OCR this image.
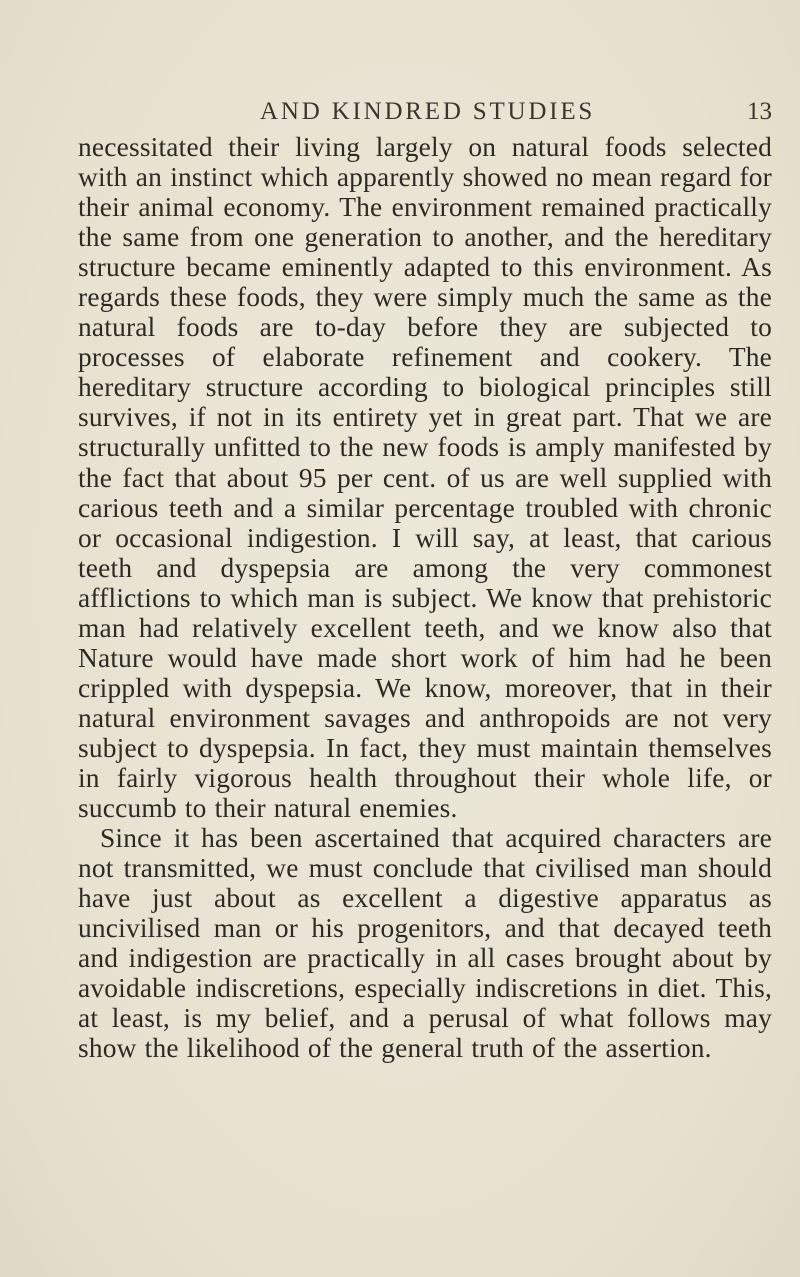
AND KINDRED STUDIES	13

necessitated their living largely on natural foods selected with an instinct which apparently showed no mean regard for their animal economy. The environment remained practically the same from one generation to another, and the hereditary structure became eminently adapted to this environment. As regards these foods, they were simply much the same as the natural foods are to-day before they are subjected to processes of elaborate refinement and cookery. The hereditary structure according to biological principles still survives, if not in its entirety yet in great part. That we are structurally unfitted to the new foods is amply manifested by the fact that about 95 per cent. of us are well supplied with carious teeth and a similar percentage troubled with chronic or occasional indigestion. I will say, at least, that carious teeth and dyspepsia are among the very commonest afflictions to which man is subject. We know that prehistoric man had relatively excellent teeth, and we know also that Nature would have made short work of him had he been crippled with dyspepsia. We know, moreover, that in their natural environment savages and anthropoids are not very subject to dyspepsia. In fact, they must maintain themselves in fairly vigorous health throughout their whole life, or succumb to their natural enemies.

Since it has been ascertained that acquired characters are not transmitted, we must conclude that civilised man should have just about as excellent a digestive apparatus as uncivilised man or his progenitors, and that decayed teeth and indigestion are practically in all cases brought about by avoidable indiscretions, especially indiscretions in diet. This, at least, is my belief, and a perusal of what follows may show the likelihood of the general truth of the assertion.
